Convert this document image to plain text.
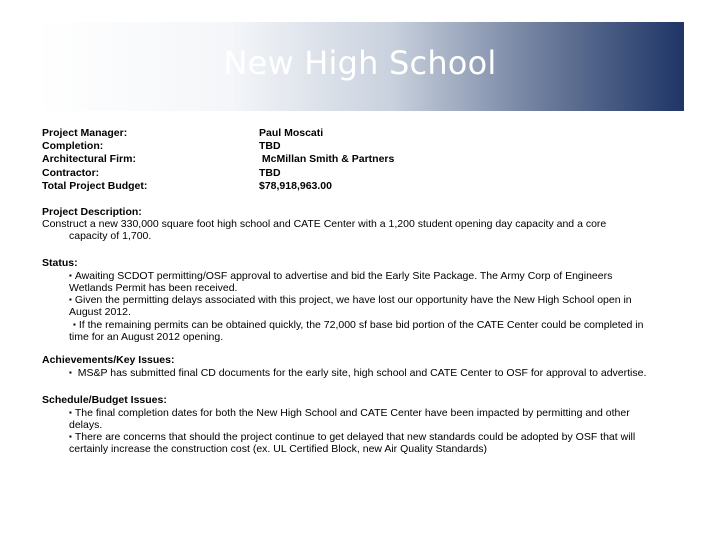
New High School
Project Manager:
Completion:
Architectural Firm:
Contractor:
Total Project Budget:
Paul Moscati
TBD
McMillan Smith & Partners
TBD
$78,918,963.00
Project Description:
Construct a new 330,000 square foot high school and CATE Center with a 1,200 student opening day capacity and a core
capacity of 1,700.
Status:
▪ Awaiting SCDOT permitting/OSF approval to advertise and bid the Early Site Package. The Army Corp of Engineers
Wetlands Permit has been received.
▪ Given the permitting delays associated with this project, we have lost our opportunity have the New High School open in
August 2012.
▪ If the remaining permits can be obtained quickly, the 72,000 sf base bid portion of the CATE Center could be completed in
time for an August 2012 opening.
Achievements/Key Issues:
▪ MS&P has submitted final CD documents for the early site, high school and CATE Center to OSF for approval to advertise.
Schedule/Budget Issues:
▪ The final completion dates for both the New High School and CATE Center have been impacted by permitting and other
delays.
▪ There are concerns that should the project continue to get delayed that new standards could be adopted by OSF that will
certainly increase the construction cost (ex. UL Certified Block, new Air Quality Standards)
